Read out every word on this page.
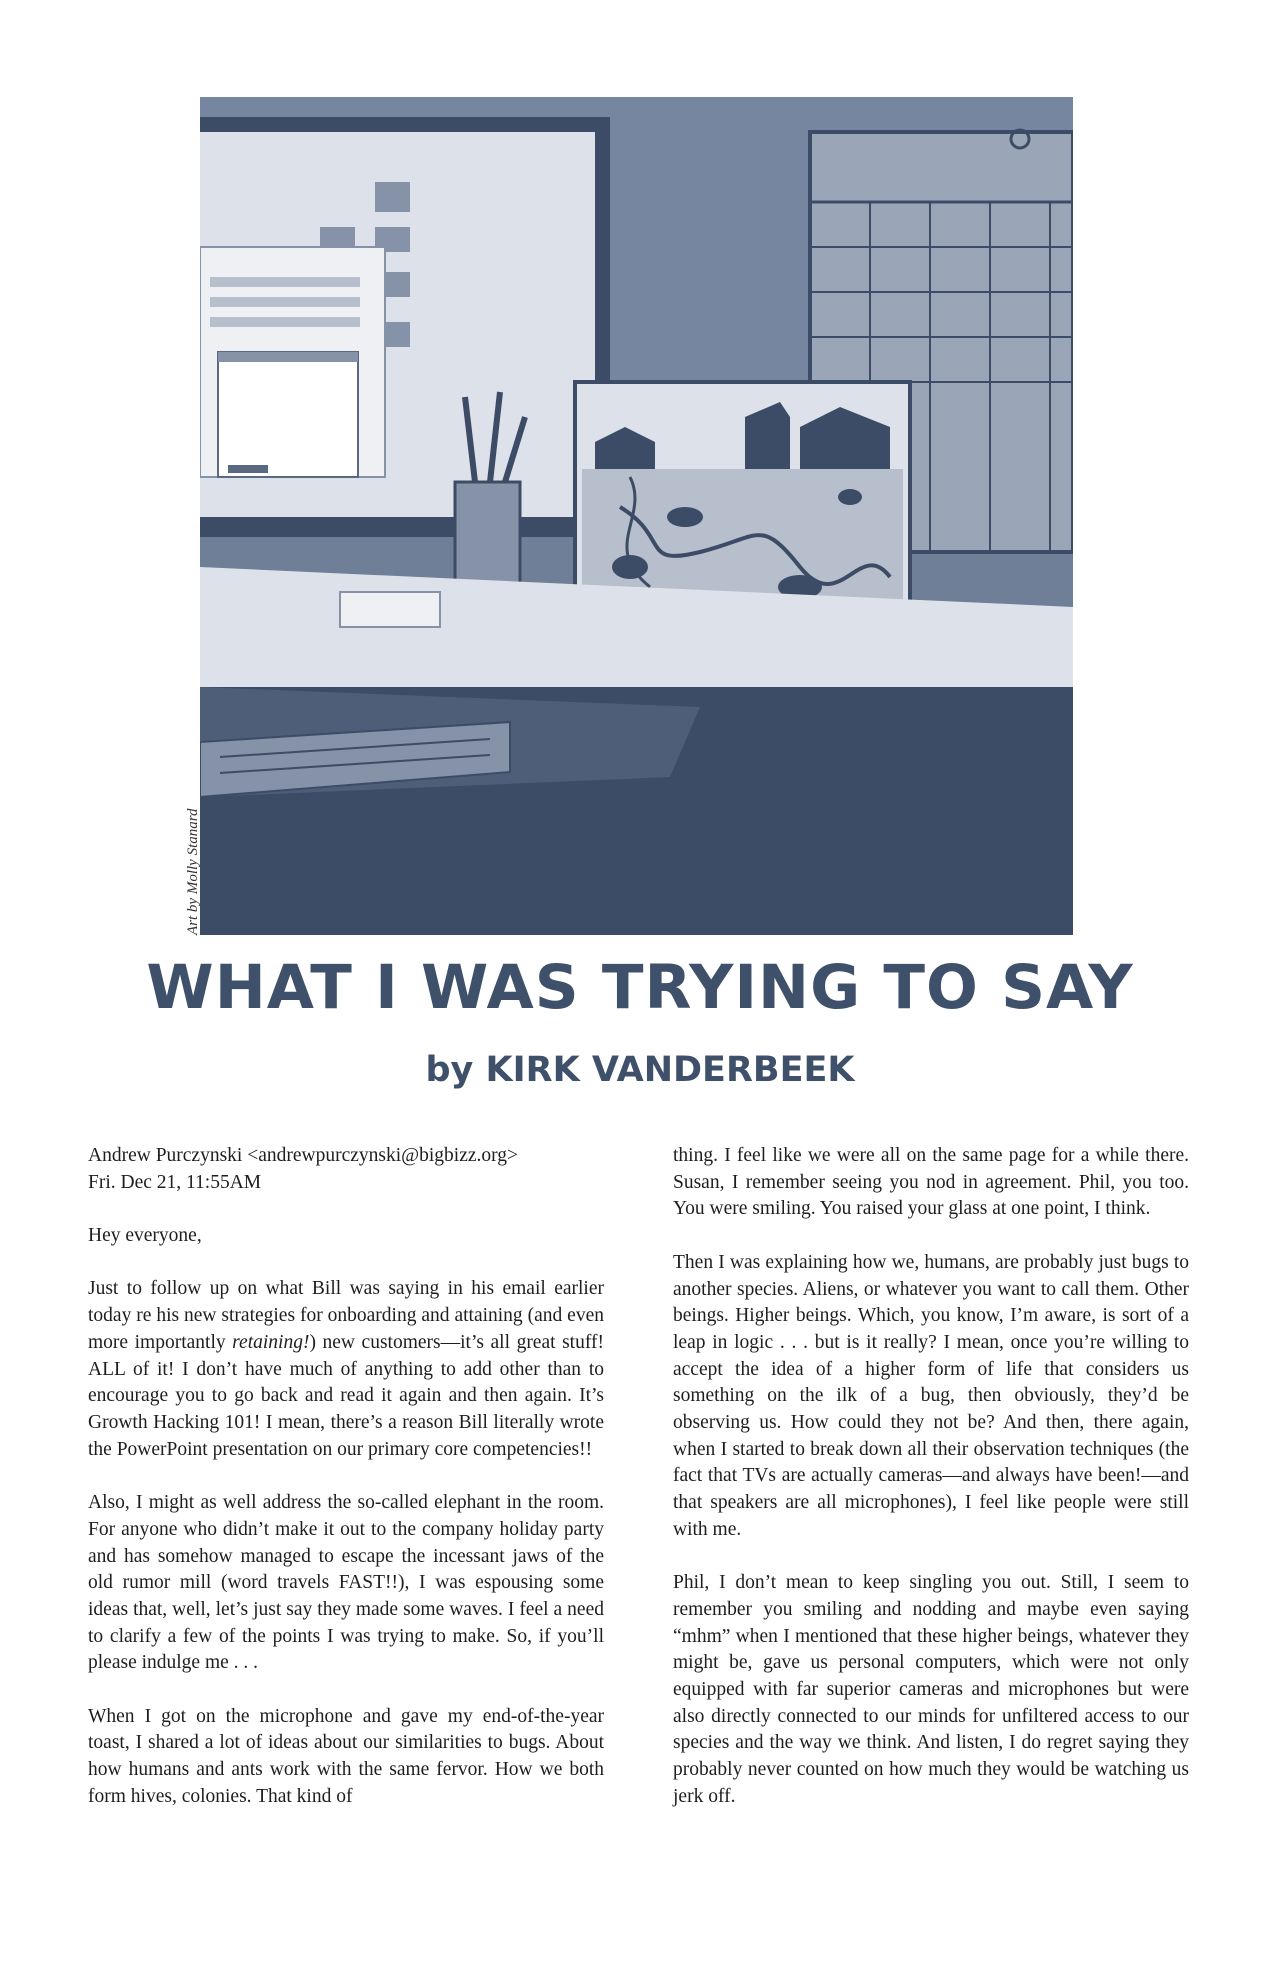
Art by Molly Stanard
WHAT I WAS TRYING TO SAY
by KIRK VANDERBEEK

Andrew Purczynski <andrewpurczynski@bigbizz.org>

Fri. Dec 21, 11:55AM

Hey everyone,

Just to follow up on what Bill was saying in his email earlier today re his new strategies for onboarding and attaining (and even more importantly retaining!) new customers—it’s all great stuff! ALL of it! I don’t have much of anything to add other than to encourage you to go back and read it again and then again. It’s Growth Hacking 101! I mean, there’s a reason Bill literally wrote the PowerPoint presentation on our primary core competencies!!

Also, I might as well address the so-called elephant in the room. For anyone who didn’t make it out to the company holiday party and has somehow managed to escape the incessant jaws of the old rumor mill (word travels FAST!!), I was espousing some ideas that, well, let’s just say they made some waves. I feel a need to clarify a few of the points I was trying to make. So, if you’ll please indulge me . . .

When I got on the microphone and gave my end-of-the-year toast, I shared a lot of ideas about our similarities to bugs. About how humans and ants work with the same fervor. How we both form hives, colonies. That kind of

thing. I feel like we were all on the same page for a while there. Susan, I remember seeing you nod in agreement. Phil, you too. You were smiling. You raised your glass at one point, I think.

Then I was explaining how we, humans, are probably just bugs to another species. Aliens, or whatever you want to call them. Other beings. Higher beings. Which, you know, I’m aware, is sort of a leap in logic . . . but is it really? I mean, once you’re willing to accept the idea of a higher form of life that considers us something on the ilk of a bug, then obviously, they’d be observing us. How could they not be? And then, there again, when I started to break down all their observation techniques (the fact that TVs are actually cameras—and always have been!—and that speakers are all microphones), I feel like people were still with me.

Phil, I don’t mean to keep singling you out. Still, I seem to remember you smiling and nodding and maybe even saying “mhm” when I mentioned that these higher beings, whatever they might be, gave us personal computers, which were not only equipped with far superior cameras and microphones but were also directly connected to our minds for unfiltered access to our species and the way we think. And listen, I do regret saying they probably never counted on how much they would be watching us jerk off.
